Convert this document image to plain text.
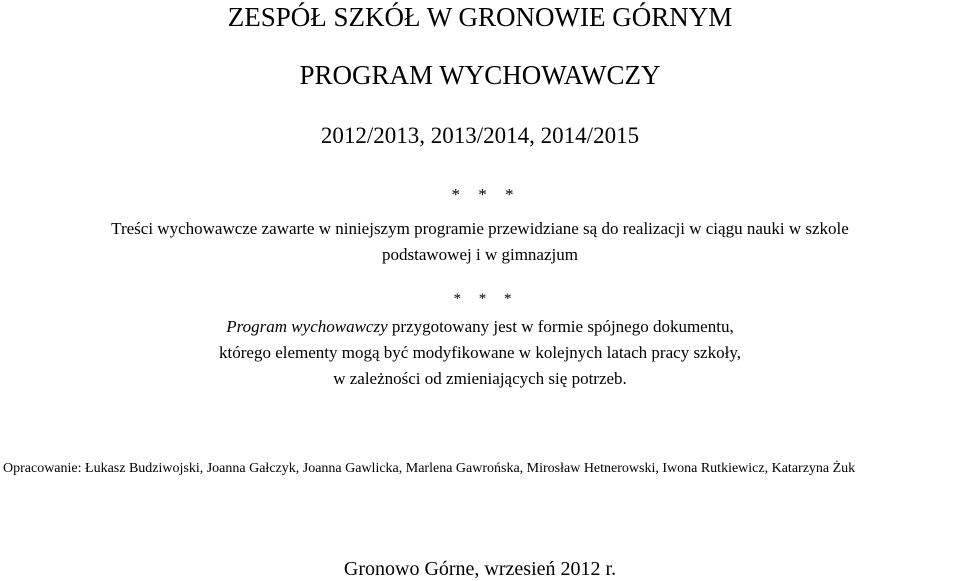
ZESPÓŁ SZKÓŁ W GRONOWIE GÓRNYM
PROGRAM WYCHOWAWCZY
2012/2013, 2013/2014, 2014/2015
* * *
Treści wychowawcze zawarte w niniejszym programie przewidziane są do realizacji w ciągu nauki w szkole
podstawowej i w gimnazjum
* * *
Program wychowawczy przygotowany jest w formie spójnego dokumentu,
którego elementy mogą być modyfikowane w kolejnych latach pracy szkoły,
w zależności od zmieniających się potrzeb.
Opracowanie: Łukasz Budziwojski, Joanna Gałczyk, Joanna Gawlicka, Marlena Gawrońska, Mirosław Hetnerowski, Iwona Rutkiewicz, Katarzyna Żuk
Gronowo Górne, wrzesień 2012 r.
